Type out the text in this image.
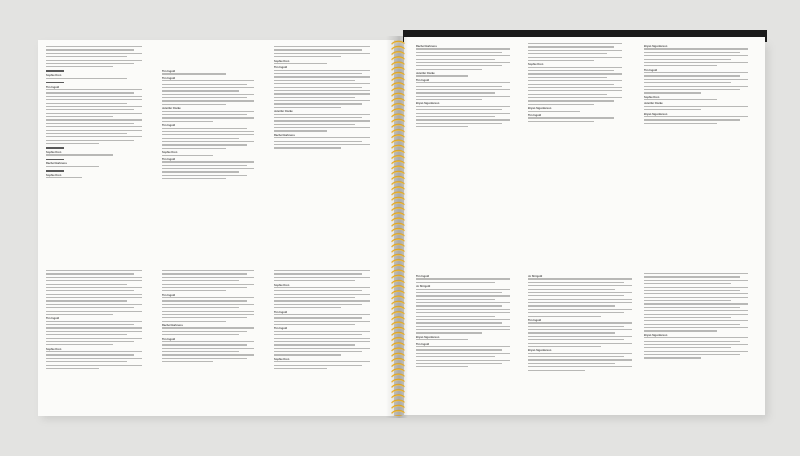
Sophie Kren
Tim Ingold
Sophie Kren
Rachel Harkness
Sophie Kren
Tim Ingold
Tim Ingold
Jennifer Clarke
Tim Ingold
Sophie Kren
Tim Ingold
Sophie Kren
Tim Ingold
Jennifer Clarke
Rachel Harkness
Tim Ingold
Sophie Kren
Tim Ingold
Rachel Harkness
Tim Ingold
Sophie Kren
Tim Ingold
Tim Ingold
Sophie Kren
Rachel Harkness
Jennifer Clarke
Tim Ingold
Bryan Sigurdarson
Sophie Kren
Bryan Sigurdarson
Tim Ingold
Bryan Sigurdarson
Tim Ingold
Sophie Kren
Jennifer Clarke
Bryan Sigurdarson
Tim Ingold
Jo Shrigold
Bryan Sigurdarson
Tim Ingold
Jo Shrigold
Tim Ingold
Bryan Sigurdarson
Bryan Sigurdarson
